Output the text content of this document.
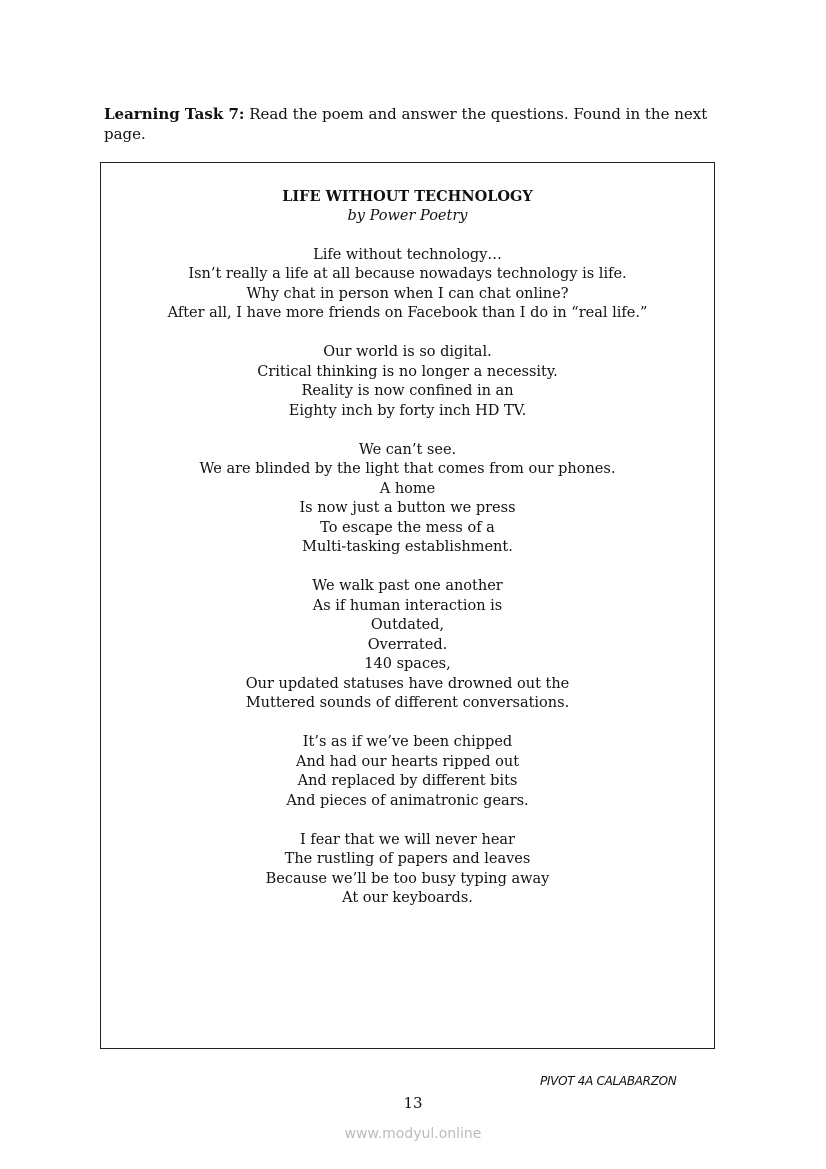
Learning Task 7: Read the poem and answer the questions. Found in the next page.
LIFE WITHOUT TECHNOLOGY
by Power Poetry
Life without technology…
Isn’t really a life at all because nowadays technology is life.
Why chat in person when I can chat online?
After all, I have more friends on Facebook than I do in “real life.”
Our world is so digital.
Critical thinking is no longer a necessity.
Reality is now confined in an
Eighty inch by forty inch HD TV.
We can’t see.
We are blinded by the light that comes from our phones.
A home
Is now just a button we press
To escape the mess of a
Multi-tasking establishment.
We walk past one another
As if human interaction is
Outdated,
Overrated.
140 spaces,
Our updated statuses have drowned out the
Muttered sounds of different conversations.
It’s as if we’ve been chipped
And had our hearts ripped out
And replaced by different bits
And pieces of animatronic gears.
I fear that we will never hear
The rustling of papers and leaves
Because we’ll be too busy typing away
At our keyboards.
PIVOT 4A CALABARZON
13
www.modyul.online
